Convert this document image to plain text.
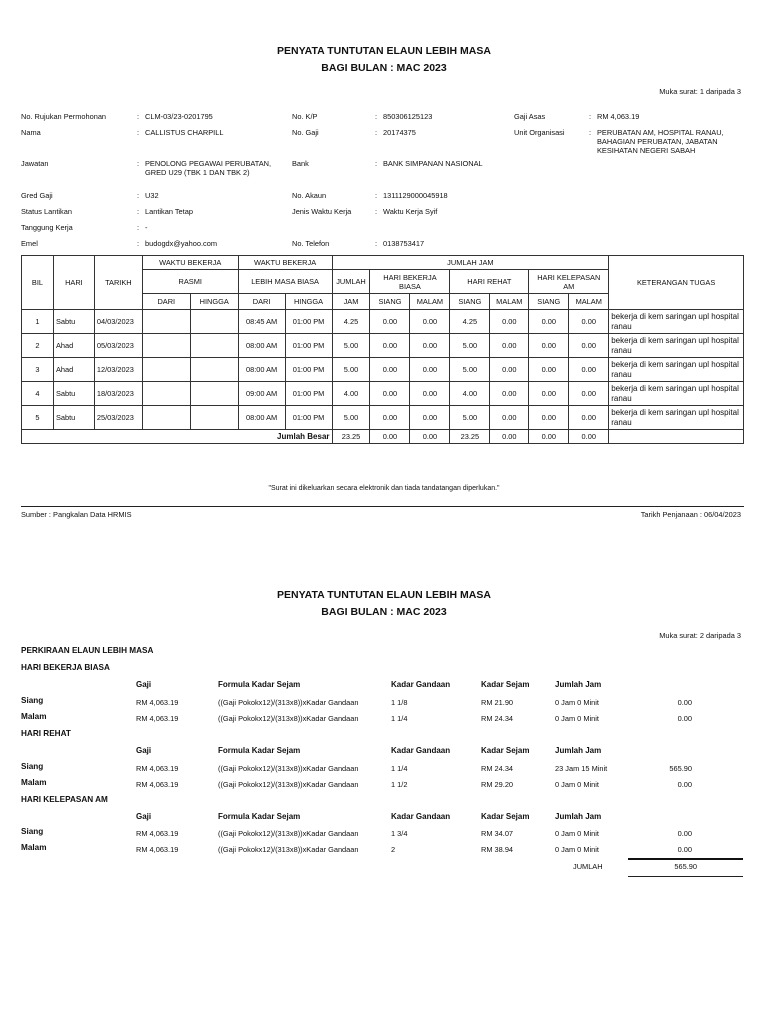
PENYATA TUNTUTAN ELAUN LEBIH MASA
BAGI BULAN : MAC 2023
Muka surat: 1 daripada 3
No. Rujukan Permohonan	: CLM-03/23-0201795	No. K/P	: 850306125123	Gaji Asas	: RM 4,063.19
Nama	: CALLISTUS CHARPILL	No. Gaji	: 20174375	Unit Organisasi	: PERUBATAN AM, HOSPITAL RANAU, BAHAGIAN PERUBATAN, JABATAN KESIHATAN NEGERI SABAH
Jawatan	: PENOLONG PEGAWAI PERUBATAN, GRED U29 (TBK 1 DAN TBK 2)
Bank	: BANK SIMPANAN NASIONAL
Gred Gaji	: U32	No. Akaun	: 1311129000045918
Status Lantikan	: Lantikan Tetap	Jenis Waktu Kerja	: Waktu Kerja Syif
Tanggung Kerja	: -
Emel	: budogdx@yahoo.com	No. Telefon	: 0138753417
BIL	HARI	TARIKH	WAKTU BEKERJA		WAKTU BEKERJA		JUMLAH JAM							KETERANGAN TUGAS
			RASMI		LEBIH MASA BIASA		JUMLAH	HARI BEKERJA BIASA		HARI REHAT		HARI KELEPASAN AM		
			DARI	HINGGA	DARI	HINGGA	JAM	SIANG	MALAM	SIANG	MALAM	SIANG	MALAM	
1	Sabtu	04/03/2023			08:45 AM	01:00 PM	4.25	0.00	0.00	4.25	0.00	0.00	0.00	bekerja di kem saringan upl hospital ranau
2	Ahad	05/03/2023			08:00 AM	01:00 PM	5.00	0.00	0.00	5.00	0.00	0.00	0.00	bekerja di kem saringan upl hospital ranau
3	Ahad	12/03/2023			08:00 AM	01:00 PM	5.00	0.00	0.00	5.00	0.00	0.00	0.00	bekerja di kem saringan upl hospital ranau
4	Sabtu	18/03/2023			09:00 AM	01:00 PM	4.00	0.00	0.00	4.00	0.00	0.00	0.00	bekerja di kem saringan upl hospital ranau
5	Sabtu	25/03/2023			08:00 AM	01:00 PM	5.00	0.00	0.00	5.00	0.00	0.00	0.00	bekerja di kem saringan upl hospital ranau
Jumlah Besar							23.25	0.00	0.00	23.25	0.00	0.00	0.00	
"Surat ini dikeluarkan secara elektronik dan tiada tandatangan diperlukan."
Sumber : Pangkalan Data HRMIS	Tarikh Penjanaan : 06/04/2023
PENYATA TUNTUTAN ELAUN LEBIH MASA
BAGI BULAN : MAC 2023
Muka surat: 2 daripada 3
PERKIRAAN ELAUN LEBIH MASA
HARI BEKERJA BIASA
Gaji	Formula Kadar Sejam	Kadar Gandaan	Kadar Sejam	Jumlah Jam
Siang	RM 4,063.19	((Gaji Pokokx12)/(313x8))xKadar Gandaan	1 1/8	RM 21.90	0 Jam 0 Minit	0.00
Malam	RM 4,063.19	((Gaji Pokokx12)/(313x8))xKadar Gandaan	1 1/4	RM 24.34	0 Jam 0 Minit	0.00
HARI REHAT
Gaji	Formula Kadar Sejam	Kadar Gandaan	Kadar Sejam	Jumlah Jam
Siang	RM 4,063.19	((Gaji Pokokx12)/(313x8))xKadar Gandaan	1 1/4	RM 24.34	23 Jam 15 Minit	565.90
Malam	RM 4,063.19	((Gaji Pokokx12)/(313x8))xKadar Gandaan	1 1/2	RM 29.20	0 Jam 0 Minit	0.00
HARI KELEPASAN AM
Gaji	Formula Kadar Sejam	Kadar Gandaan	Kadar Sejam	Jumlah Jam
Siang	RM 4,063.19	((Gaji Pokokx12)/(313x8))xKadar Gandaan	1 3/4	RM 34.07	0 Jam 0 Minit	0.00
Malam	RM 4,063.19	((Gaji Pokokx12)/(313x8))xKadar Gandaan	2	RM 38.94	0 Jam 0 Minit	0.00
JUMLAH	565.90
